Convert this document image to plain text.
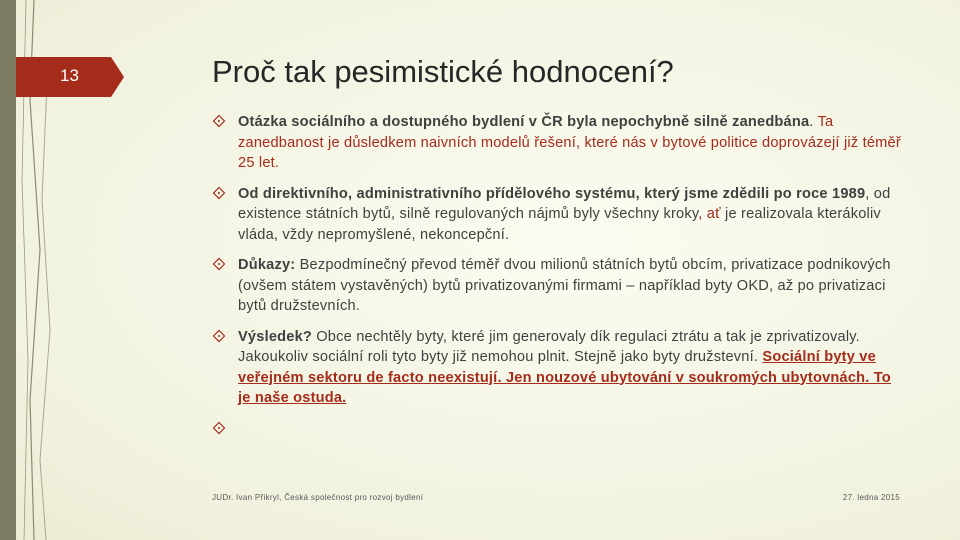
13	Proč tak pesimistické hodnocení?
Otázka sociálního a dostupného bydlení v ČR byla nepochybně silně zanedbána. Ta zanedbanost je důsledkem naivních modelů řešení, které nás v bytové politice doprovázejí již téměř 25 let.
Od direktivního, administrativního přídělového systému, který jsme zdědili po roce 1989, od existence státních bytů, silně regulovaných nájmů byly všechny kroky, ať je realizovala kterákoliv vláda, vždy nepromyšlené, nekoncepční.
Důkazy: Bezpodmínečný převod téměř dvou milionů státních bytů obcím, privatizace podnikových (ovšem státem vystavěných) bytů privatizovanými firmami – například byty OKD, až po privatizaci bytů družstevních.
Výsledek? Obce nechtěly byty, které jim generovaly dík regulaci ztrátu a tak je zprivatizovaly. Jakoukoliv sociální roli tyto byty již nemohou plnit. Stejně jako byty družstevní. Sociální byty ve veřejném sektoru de facto neexistují. Jen nouzové ubytování v soukromých ubytovnách. To je naše ostuda.
JUDr. Ivan Přikryl, Česká společnost pro rozvoj bydlení	27. ledna 2015
